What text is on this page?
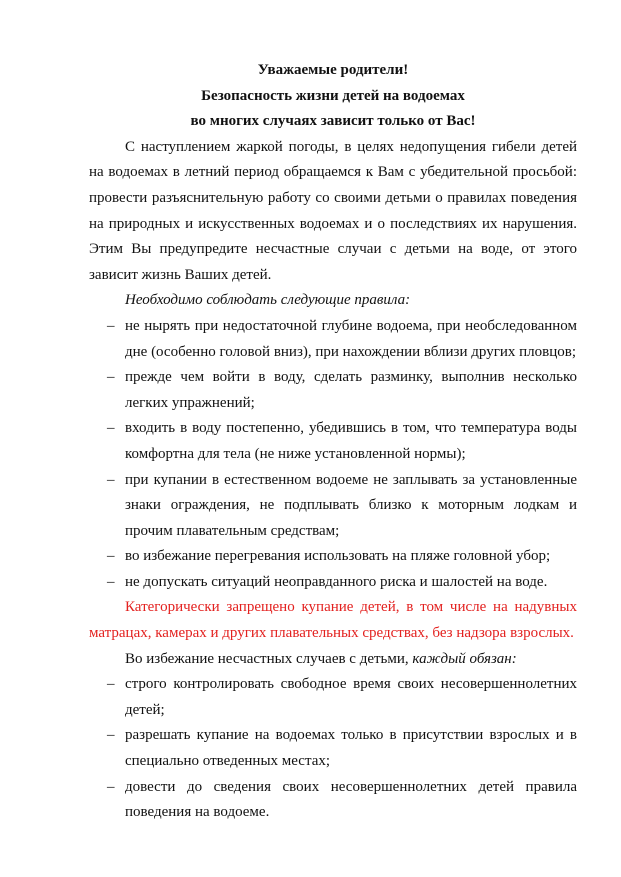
Уважаемые родители!

Безопасность жизни детей на водоемах

во многих случаях зависит только от Вас!

С наступлением жаркой погоды, в целях недопущения гибели детей на водоемах в летний период обращаемся к Вам с убедительной просьбой: провести разъяснительную работу со своими детьми о правилах поведения на природных и искусственных водоемах и о последствиях их нарушения. Этим Вы предупредите несчастные случаи с детьми на воде, от этого зависит жизнь Ваших детей.

Необходимо соблюдать следующие правила:

– не нырять при недостаточной глубине водоема, при необследованном дне (особенно головой вниз), при нахождении вблизи других пловцов;
– прежде чем войти в воду, сделать разминку, выполнив несколько легких упражнений;
– входить в воду постепенно, убедившись в том, что температура воды комфортна для тела (не ниже установленной нормы);
– при купании в естественном водоеме не заплывать за установленные знаки ограждения, не подплывать близко к моторным лодкам и прочим плавательным средствам;
– во избежание перегревания использовать на пляже головной убор;
– не допускать ситуаций неоправданного риска и шалостей на воде.

Категорически запрещено купание детей, в том числе на надувных матрацах, камерах и других плавательных средствах, без надзора взрослых.

Во избежание несчастных случаев с детьми, каждый обязан:

– строго контролировать свободное время своих несовершеннолетних детей;
– разрешать купание на водоемах только в присутствии взрослых и в специально отведенных местах;
– довести до сведения своих несовершеннолетних детей правила поведения на водоеме.
